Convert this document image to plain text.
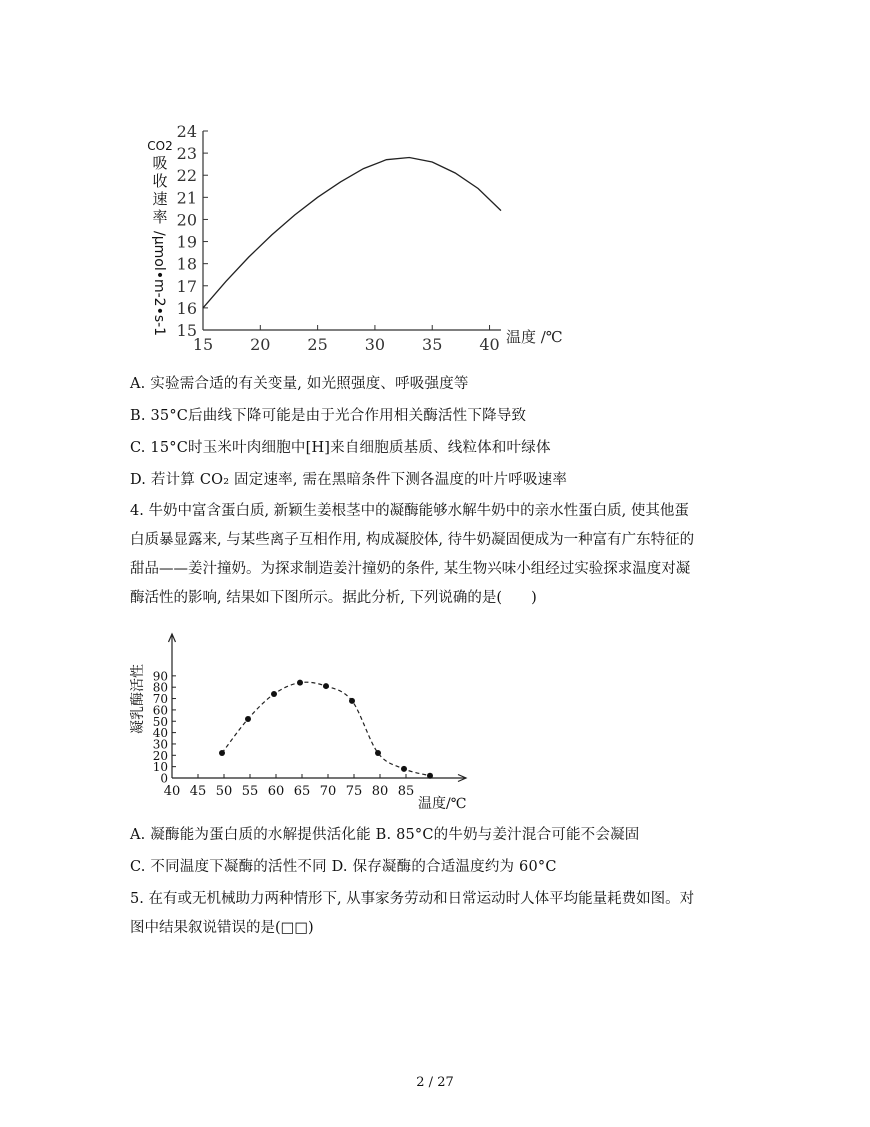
15
16
17
18
19
20
21
22
23
24
15 20 25 30 35 40
CO2
吸
收
速
率
/μmol•m-2•s-1
温度 /℃
A. 实验需合适的有关变量, 如光照强度、呼吸强度等
B. 35°C后曲线下降可能是由于光合作用相关酶活性下降导致
C. 15°C时玉米叶肉细胞中[H]来自细胞质基质、线粒体和叶绿体
D. 若计算 CO₂ 固定速率, 需在黑暗条件下测各温度的叶片呼吸速率
4. 牛奶中富含蛋白质, 新颖生姜根茎中的凝酶能够水解牛奶中的亲水性蛋白质, 使其他蛋
白质暴显露来, 与某些离子互相作用, 构成凝胶体, 待牛奶凝固便成为一种富有广东特征的
甜品——姜汁撞奶。为探求制造姜汁撞奶的条件, 某生物兴味小组经过实验探求温度对凝
酶活性的影响, 结果如下图所示。据此分析, 下列说确的是(　　)
0
10
20
30
40
50
60
70
80
90
40 45 50 55 60 65 70 75 80 85
凝乳酶活性
温度/℃
A. 凝酶能为蛋白质的水解提供活化能 B. 85°C的牛奶与姜汁混合可能不会凝固
C. 不同温度下凝酶的活性不同 D. 保存凝酶的合适温度约为 60°C
5. 在有或无机械助力两种情形下, 从事家务劳动和日常运动时人体平均能量耗费如图。对
图中结果叙说错误的是(□□)
2 / 27
